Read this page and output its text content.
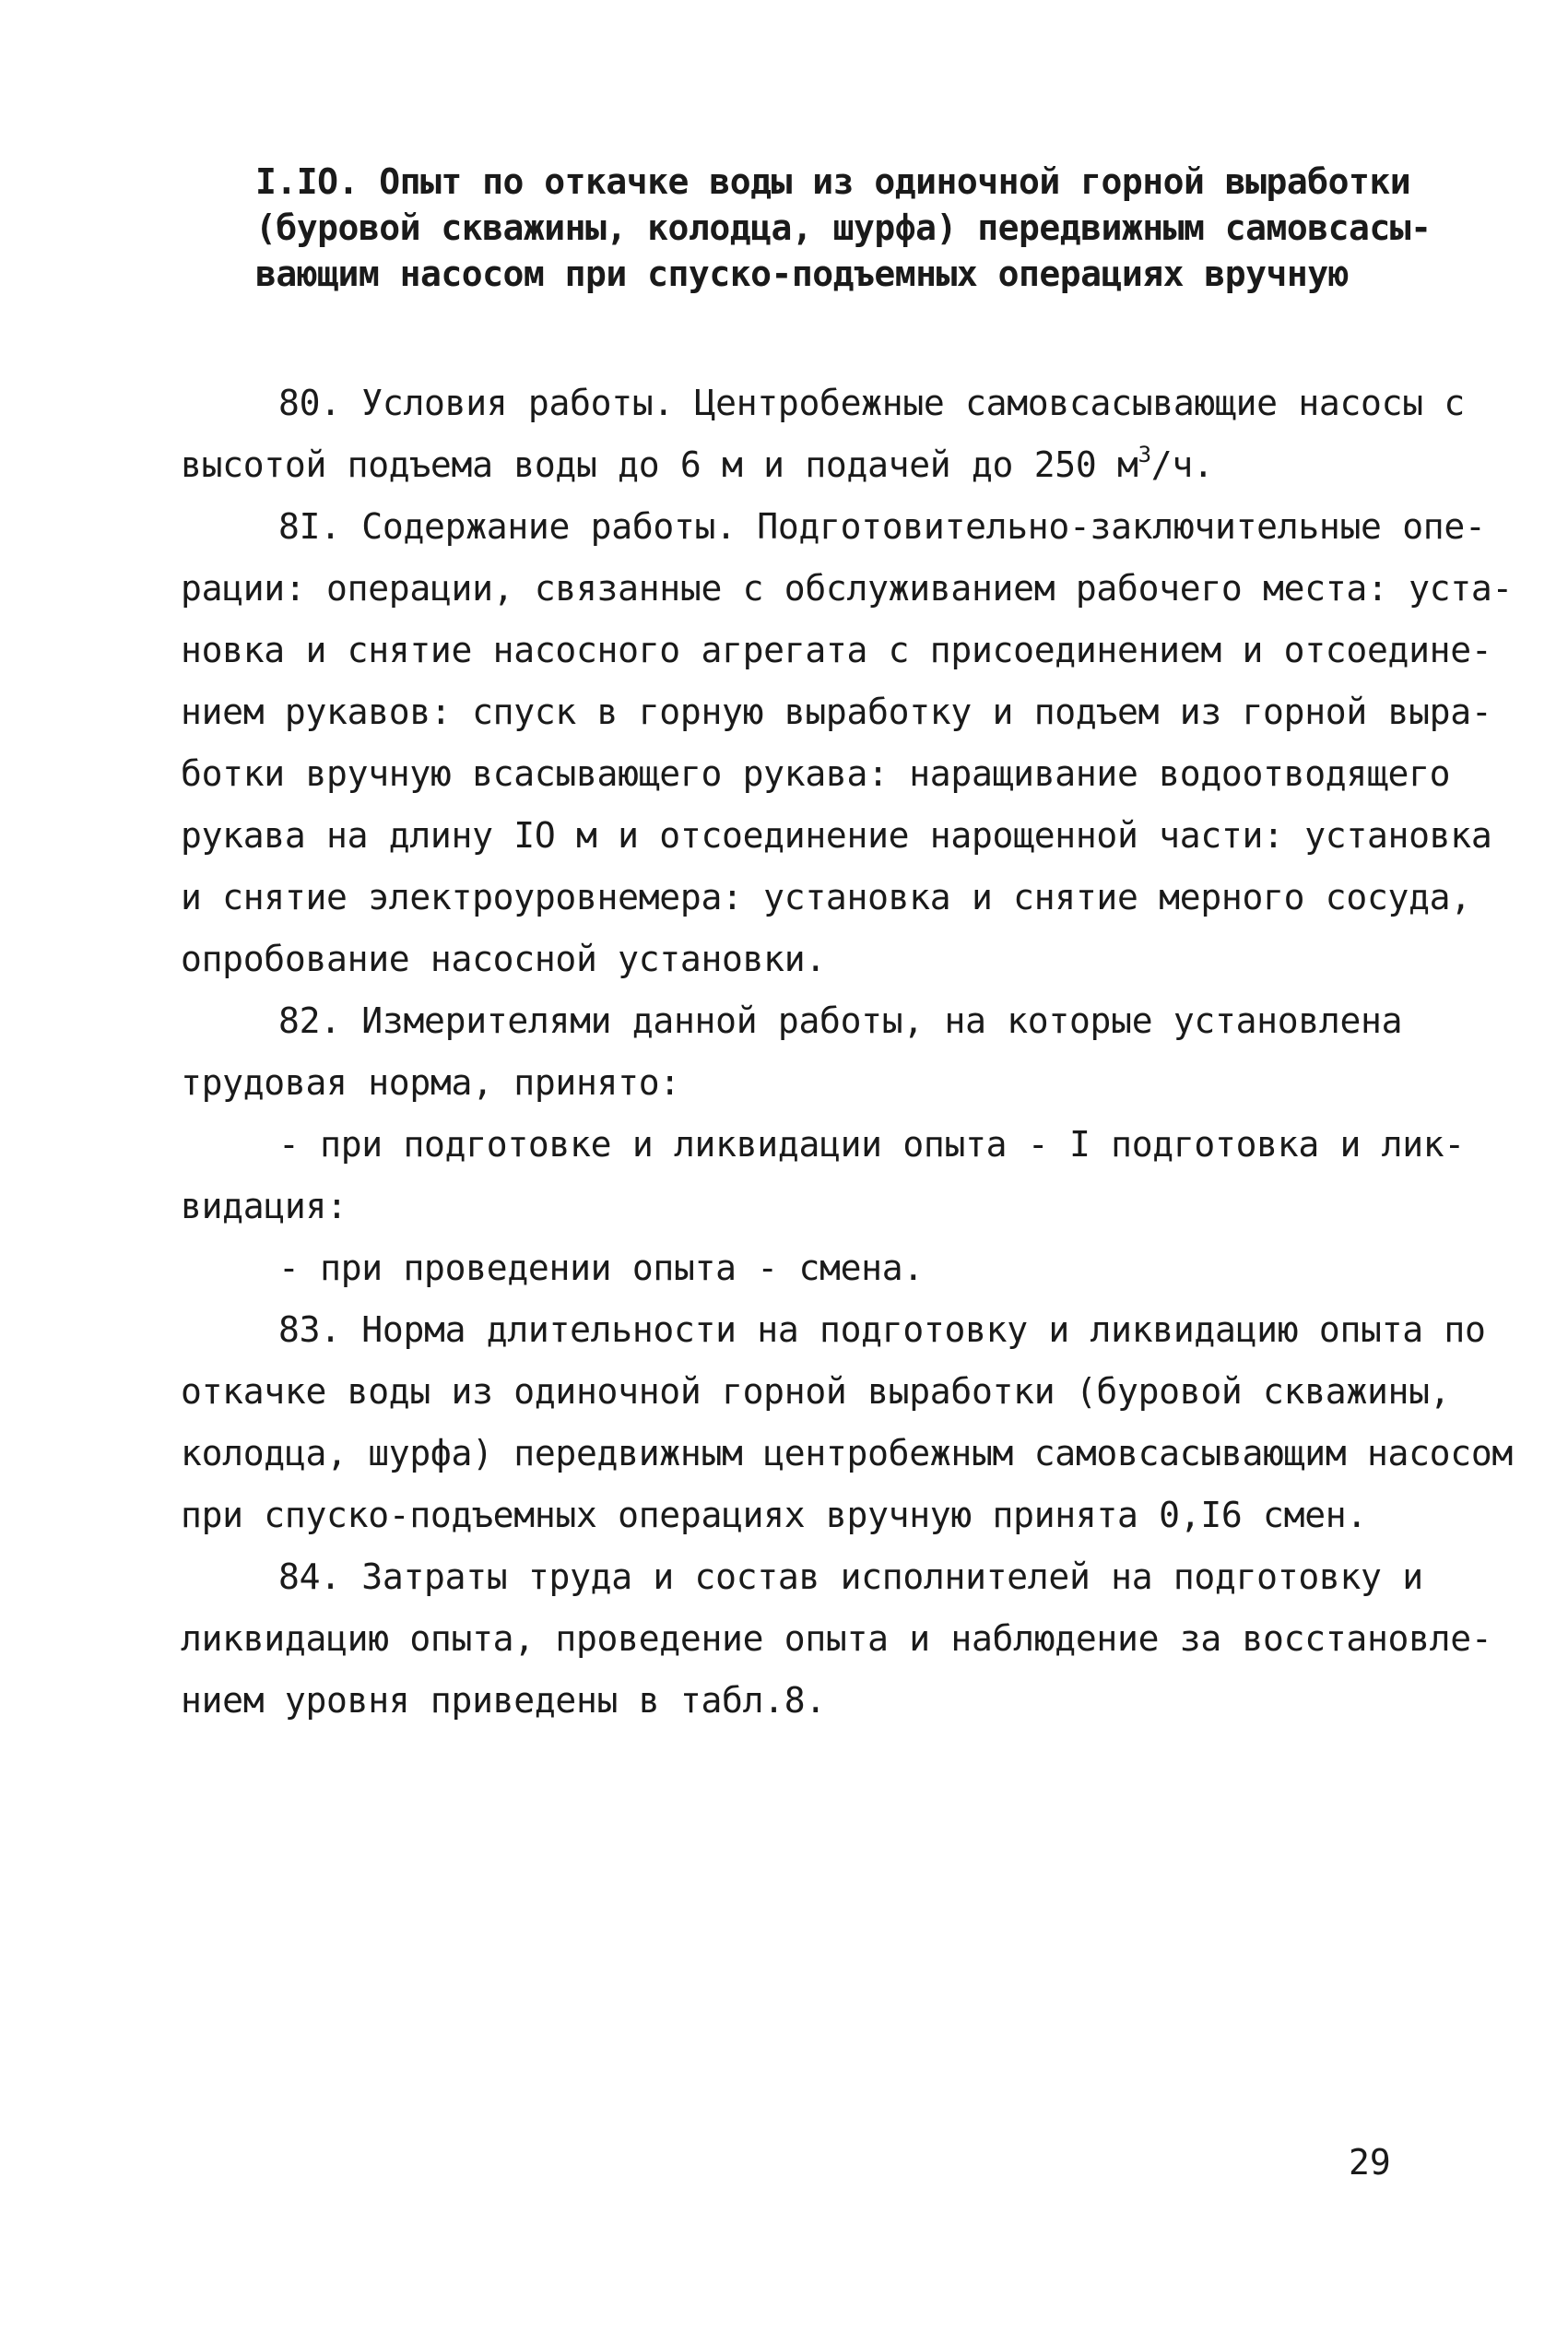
I.IO. Опыт по откачке воды из одиночной горной выработки
(буровой скважины, колодца, шурфа) передвижным самовсасы-
вающим насосом при спуско-подъемных операциях вручную
80. Условия работы. Центробежные самовсасывающие насосы с
высотой подъема воды до 6 м и подачей до 250 $м^3/ч$.
8I. Содержание работы. Подготовительно-заключительные опе-
рации: операции, связанные с обслуживанием рабочего места: уста-
новка и снятие насосного агрегата с присоединением и отсоедине-
нием рукавов: спуск в горную выработку и подъем из горной выра-
ботки вручную всасывающего рукава: наращивание водоотводящего
рукава на длину IO м и отсоединение нарощенной части: установка
и снятие электроуровнемера: установка и снятие мерного сосуда,
опробование насосной установки.
82. Измерителями данной работы, на которые установлена
трудовая норма, принято:
- при подготовке и ликвидации опыта - I подготовка и лик-
видация:
- при проведении опыта - смена.
83. Норма длительности на подготовку и ликвидацию опыта по
откачке воды из одиночной горной выработки (буровой скважины,
колодца, шурфа) передвижным центробежным самовсасывающим насосом
при спуско-подъемных операциях вручную принята 0,I6 смен.
84. Затраты труда и состав исполнителей на подготовку и
ликвидацию опыта, проведение опыта и наблюдение за восстановле-
нием уровня приведены в табл.8.
29
